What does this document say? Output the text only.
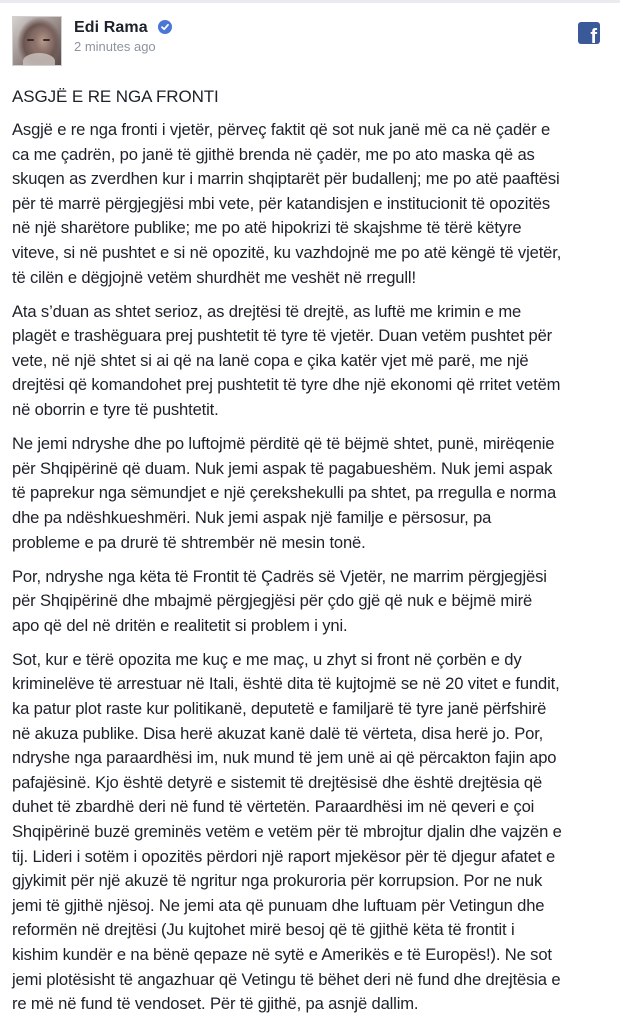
Edi Rama
2 minutes ago	f
ASGJË E RE NGA FRONTI

Asgjë e re nga fronti i vjetër, përveç faktit që sot nuk janë më ca në çadër e
ca me çadrën, po janë të gjithë brenda në çadër, me po ato maska që as
skuqen as zverdhen kur i marrin shqiptarët për budallenj; me po atë paaftësi
për të marrë përgjegjësi mbi vete, për katandisjen e institucionit të opozitës
në një sharëtore publike; me po atë hipokrizi të skajshme të tërë këtyre
viteve, si në pushtet e si në opozitë, ku vazhdojnë me po atë këngë të vjetër,
të cilën e dëgjojnë vetëm shurdhët me veshët në rregull!

Ata s’duan as shtet serioz, as drejtësi të drejtë, as luftë me krimin e me
plagët e trashëguara prej pushtetit të tyre të vjetër. Duan vetëm pushtet për
vete, në një shtet si ai që na lanë copa e çika katër vjet më parë, me një
drejtësi që komandohet prej pushtetit të tyre dhe një ekonomi që rritet vetëm
në oborrin e tyre të pushtetit.

Ne jemi ndryshe dhe po luftojmë përditë që të bëjmë shtet, punë, mirëqenie
për Shqipërinë që duam. Nuk jemi aspak të pagabueshëm. Nuk jemi aspak
të paprekur nga sëmundjet e një çerekshekulli pa shtet, pa rregulla e norma
dhe pa ndëshkueshmëri. Nuk jemi aspak një familje e përsosur, pa
probleme e pa drurë të shtrembër në mesin tonë.

Por, ndryshe nga këta të Frontit të Çadrës së Vjetër, ne marrim përgjegjësi
për Shqipërinë dhe mbajmë përgjegjësi për çdo gjë që nuk e bëjmë mirë
apo që del në dritën e realitetit si problem i yni.

Sot, kur e tërë opozita me kuç e me maç, u zhyt si front në çorbën e dy
kriminelëve të arrestuar në Itali, është dita të kujtojmë se në 20 vitet e fundit,
ka patur plot raste kur politikanë, deputetë e familjarë të tyre janë përfshirë
në akuza publike. Disa herë akuzat kanë dalë të vërteta, disa herë jo. Por,
ndryshe nga paraardhësi im, nuk mund të jem unë ai që përcakton fajin apo
pafajësinë. Kjo është detyrë e sistemit të drejtësisë dhe është drejtësia që
duhet të zbardhë deri në fund të vërtetën. Paraardhësi im në qeveri e çoi
Shqipërinë buzë greminës vetëm e vetëm për të mbrojtur djalin dhe vajzën e
tij. Lideri i sotëm i opozitës përdori një raport mjekësor për të djegur afatet e
gjykimit për një akuzë të ngritur nga prokuroria për korrupsion. Por ne nuk
jemi të gjithë njësoj. Ne jemi ata që punuam dhe luftuam për Vetingun dhe
reformën në drejtësi (Ju kujtohet mirë besoj që të gjithë këta të frontit i
kishim kundër e na bënë qepaze në sytë e Amerikës e të Europës!). Ne sot
jemi plotësisht të angazhuar që Vetingu të bëhet deri në fund dhe drejtësia e
re më në fund të vendoset. Për të gjithë, pa asnjë dallim.
